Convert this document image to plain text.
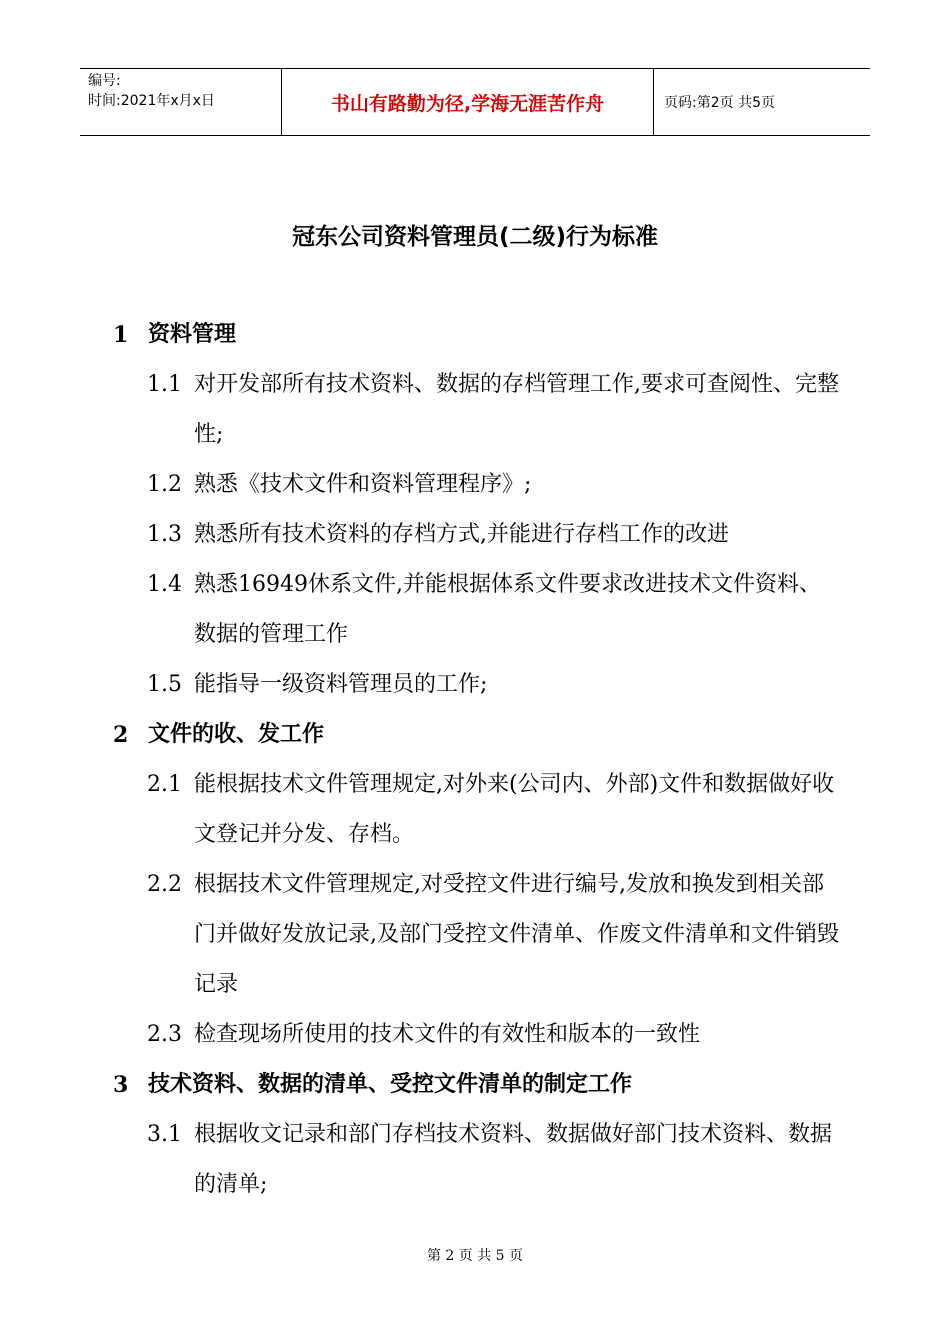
编号:
时间:2021年x月x日	书山有路勤为径,学海无涯苦作舟	页码:第2页 共5页
冠东公司资料管理员(二级)行为标准
1 资料管理
1.1 对开发部所有技术资料、数据的存档管理工作,要求可查阅性、完整性;
1.2 熟悉《技术文件和资料管理程序》;
1.3 熟悉所有技术资料的存档方式,并能进行存档工作的改进
1.4 熟悉16949休系文件,并能根据体系文件要求改进技术文件资料、数据的管理工作
1.5 能指导一级资料管理员的工作;
2 文件的收、发工作
2.1 能根据技术文件管理规定,对外来(公司内、外部)文件和数据做好收文登记并分发、存档。
2.2 根据技术文件管理规定,对受控文件进行编号,发放和换发到相关部门并做好发放记录,及部门受控文件清单、作废文件清单和文件销毁记录
2.3 检查现场所使用的技术文件的有效性和版本的一致性
3 技术资料、数据的清单、受控文件清单的制定工作
3.1 根据收文记录和部门存档技术资料、数据做好部门技术资料、数据的清单;
第 2 页 共 5 页
